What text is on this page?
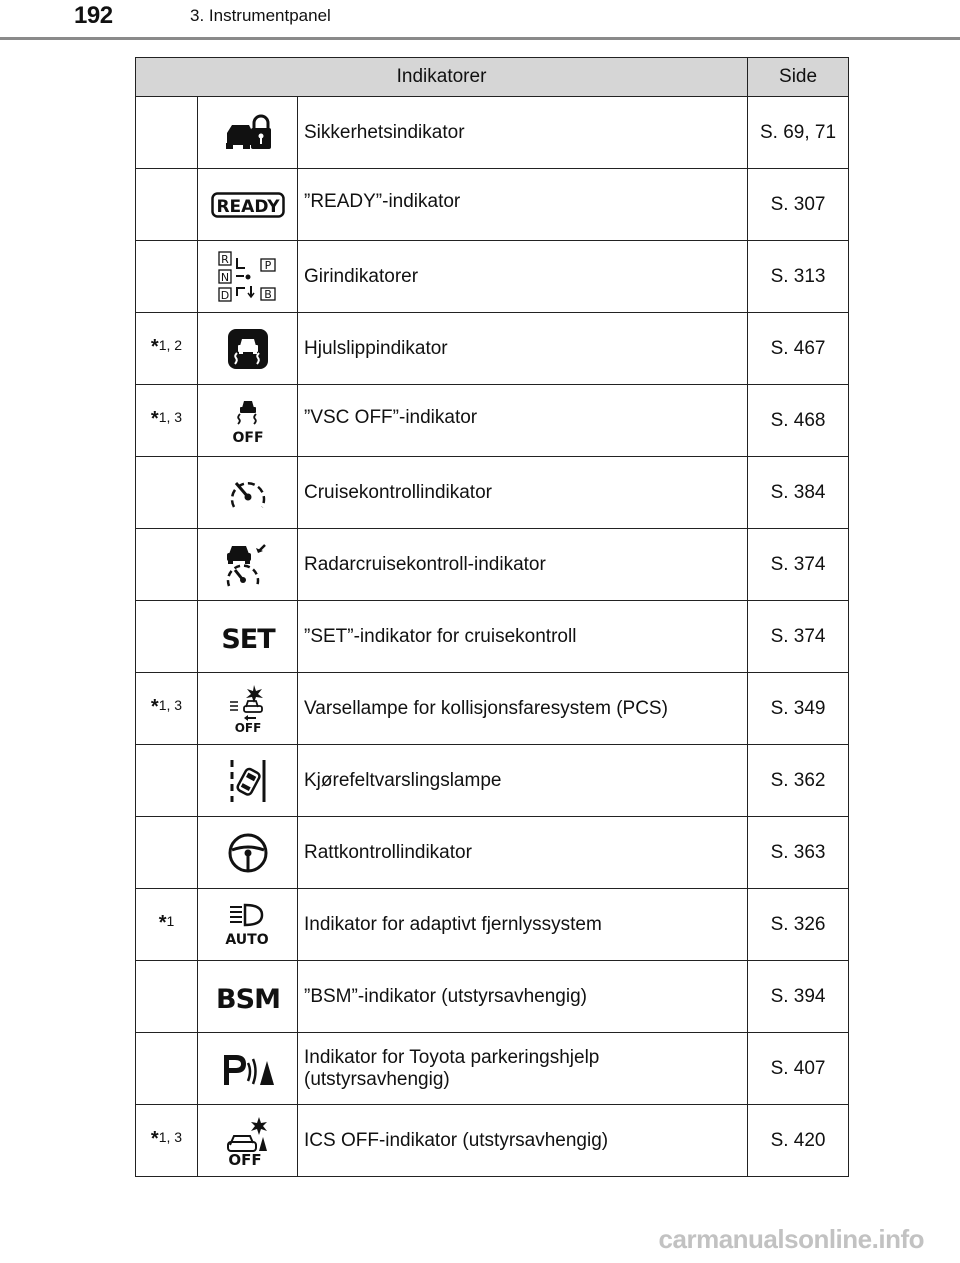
192	3. Instrumentpanel
Indikatorer			Side

	Sikkerhetsindikator	S. 69, 71

READY	”READY”-indikator	S. 307

R
N
D
P
B	Girindikatorer	S. 313
*1, 2		Hjulslippindikator	S. 467
*1, 3	OFF	”VSC OFF”-indikator	S. 468

	Cruisekontrollindikator	S. 384

	Radarcruisekontroll-indikator	S. 374

SET	”SET”-indikator for cruisekontroll	S. 374
*1, 3	OFF	Varsellampe for kollisjonsfaresystem (PCS)	S. 349

	Kjørefeltvarslingslampe	S. 362

	Rattkontrollindikator	S. 363
*1	AUTO	Indikator for adaptivt fjernlyssystem	S. 326

BSM	”BSM”-indikator (utstyrsavhengig)	S. 394

	Indikator for Toyota parkeringshjelp (utstyrsavhengig)	S. 407
*1, 3	OFF	ICS OFF-indikator (utstyrsavhengig)	S. 420
carmanualsonline.info
